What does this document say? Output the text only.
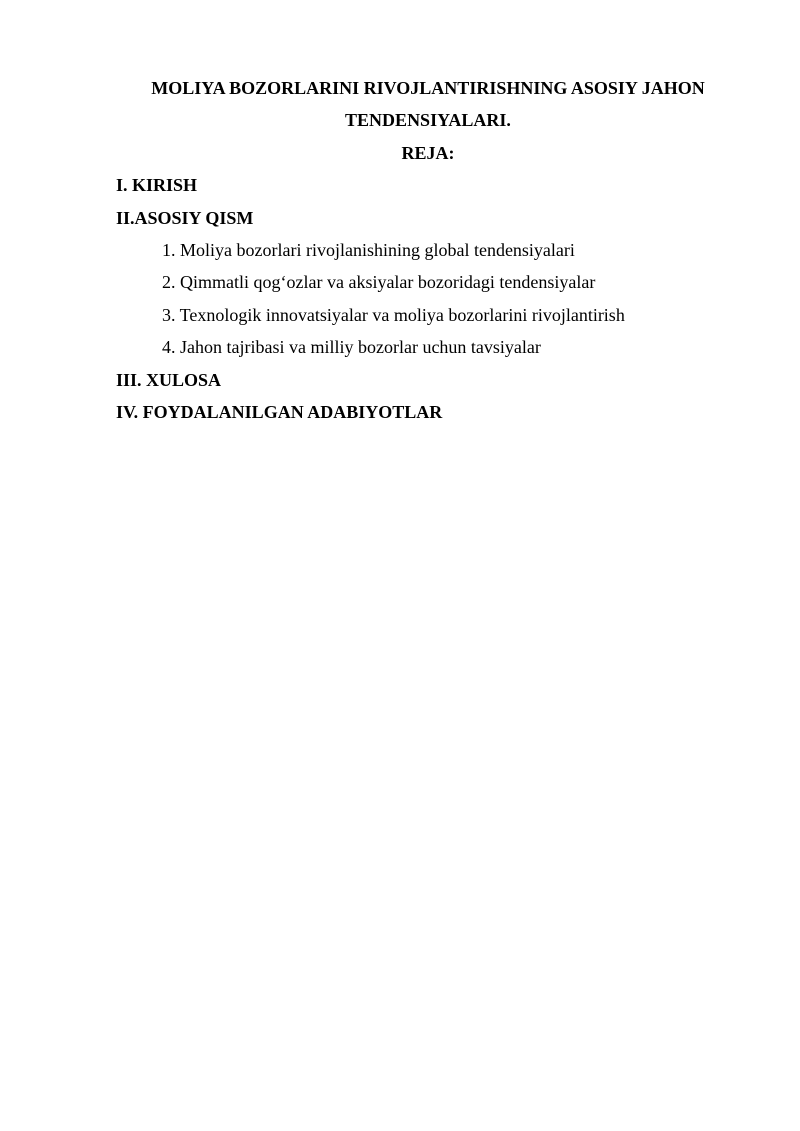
MOLIYA BOZORLARINI RIVOJLANTIRISHNING ASOSIY JAHON
TENDENSIYALARI.
REJA:
I. KIRISH
II.ASOSIY QISM
1. Moliya bozorlari rivojlanishining global tendensiyalari
2. Qimmatli qog‘ozlar va aksiyalar bozoridagi tendensiyalar
3. Texnologik innovatsiyalar va moliya bozorlarini rivojlantirish
4. Jahon tajribasi va milliy bozorlar uchun tavsiyalar
III. XULOSA
IV. FOYDALANILGAN ADABIYOTLAR
